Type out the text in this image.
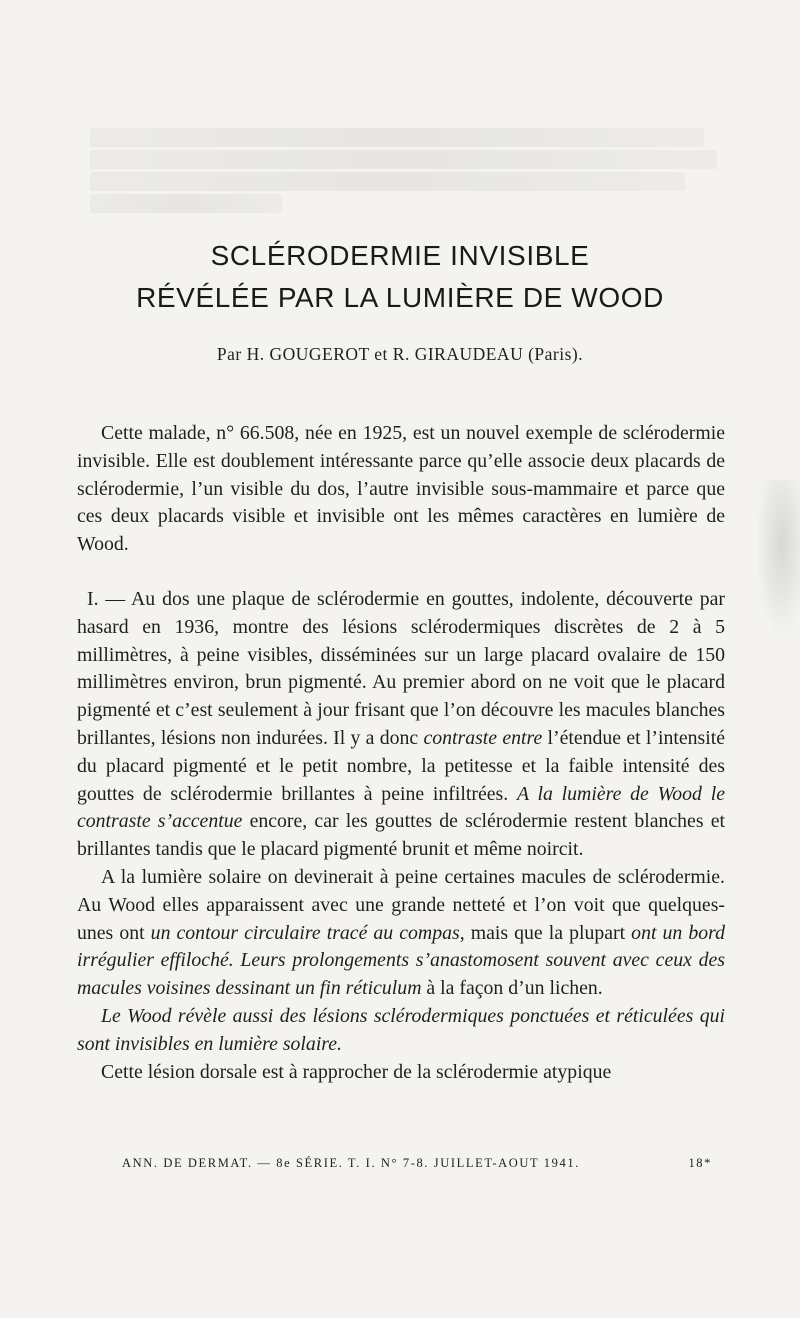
SCLÉRODERMIE INVISIBLE
RÉVÉLÉE PAR LA LUMIÈRE DE WOOD
Par H. GOUGEROT et R. GIRAUDEAU (Paris).

Cette malade, n° 66.508, née en 1925, est un nouvel exemple de sclérodermie invisible. Elle est doublement intéressante parce qu’elle associe deux placards de sclérodermie, l’un visible du dos, l’autre invisible sous-mammaire et parce que ces deux placards visible et invisible ont les mêmes caractères en lumière de Wood.

I. — Au dos une plaque de sclérodermie en gouttes, indolente, découverte par hasard en 1936, montre des lésions sclérodermiques discrètes de 2 à 5 millimètres, à peine visibles, disséminées sur un large placard ovalaire de 150 millimètres environ, brun pigmenté. Au premier abord on ne voit que le placard pigmenté et c’est seulement à jour frisant que l’on découvre les macules blanches brillantes, lésions non indurées. Il y a donc contraste entre l’étendue et l’intensité du placard pigmenté et le petit nombre, la petitesse et la faible intensité des gouttes de sclérodermie brillantes à peine infiltrées. A la lumière de Wood le contraste s’accentue encore, car les gouttes de sclérodermie restent blanches et brillantes tandis que le placard pigmenté brunit et même noircit.

A la lumière solaire on devinerait à peine certaines macules de sclérodermie. Au Wood elles apparaissent avec une grande netteté et l’on voit que quelques-unes ont un contour circulaire tracé au compas, mais que la plupart ont un bord irrégulier effiloché. Leurs prolongements s’anastomosent souvent avec ceux des macules voisines dessinant un fin réticulum à la façon d’un lichen.

Le Wood révèle aussi des lésions sclérodermiques ponctuées et réticulées qui sont invisibles en lumière solaire.

Cette lésion dorsale est à rapprocher de la sclérodermie atypique

ANN. DE DERMAT. — 8e SÉRIE. T. I. N° 7-8. JUILLET-AOUT 1941.	18*
